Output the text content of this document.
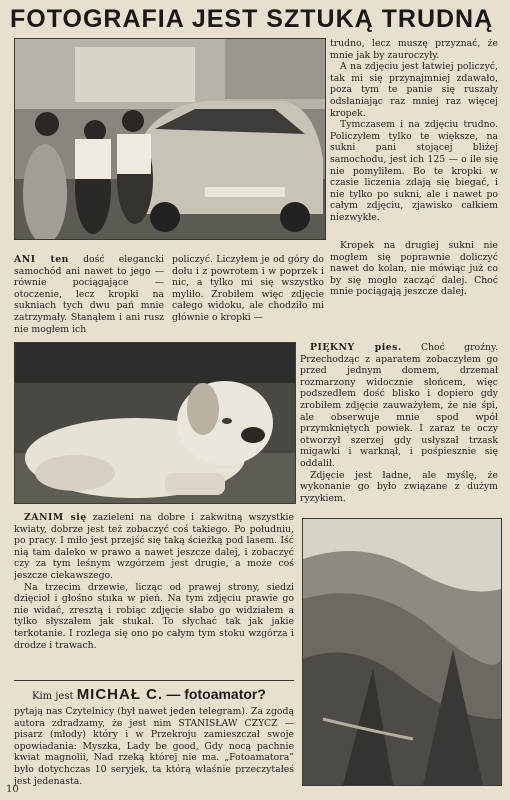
FOTOGRAFIA JEST SZTUKĄ TRUDNĄ

trudno, lecz muszę przyznać, że mnie jak by zauroczyły.

A na zdjęciu jest łatwiej policzyć, tak mi się przynajmniej zdawało, poza tym te panie się ruszały odsłaniając raz mniej raz więcej kropek.

Tymczasem i na zdjęciu trudno. Policzyłem tylko te większe, na sukni pani stojącej bliżej samochodu, jest ich 125 — o ile się nie pomyliłem. Bo te kropki w czasie liczenia zdają się biegać, i nie tylko po sukni, ale i nawet po całym zdjęciu, zjawisko całkiem niezwykłe.

ANI ten dość elegancki samochód ani nawet to jego — równie pociągające — otoczenie, lecz kropki na sukniach tych dwu pań mnie zatrzymały. Stanąłem i ani rusz nie mogłem ich

policzyć. Liczyłem je od góry do dołu i z powrotem i w poprzek i nic, a tylko mi się wszystko myliło. Zrobiłem więc zdjęcie całego widoku, ale chodziło mi głównie o kropki —

Kropek na drugiej sukni nie mogłem się poprawnie doliczyć nawet do kolan, nie mówiąc już co by się mogło zacząć dalej. Choć mnie pociągają jeszcze dalej.

PIĘKNY pies. Choć groźny. Przechodząc z aparatem zobaczyłem go przed jednym domem, drzemał rozmarzony widocznie słońcem, więc podszedłem dość blisko i dopiero gdy zrobiłem zdjęcie zauważyłem, że nie śpi, ale obserwuje mnie spod wpół przymkniętych powiek. I zaraz te oczy otworzył szerzej gdy usłyszał trzask migawki i warknął, i pośpiesznie się oddalił.

Zdjęcie jest ładne, ale myślę, że wykonanie go było związane z dużym ryzykiem.

ZANIM się zazieleni na dobre i zakwitną wszystkie kwiaty, dobrze jest też zobaczyć coś takiego. Po południu, po pracy. I miło jest przejść się taką ścieżką pod lasem. Iść nią tam daleko w prawo a nawet jeszcze dalej, i zobaczyć czy za tym leśnym wzgórzem jest drugie, a może coś jeszcze ciekawszego.

Na trzecim drzewie, licząc od prawej strony, siedzi dzięcioł i głośno stuka w pień. Na tym zdjęciu prawie go nie widać, zresztą i robiąc zdjęcie słabo go widziałem a tylko słyszałem jak stukał. To słychać tak jak jakie terkotanie. I rozlega się ono po całym tym stoku wzgórza i drodze i trawach.

Kim jest MICHAŁ C. — fotoamator?

pytają nas Czytelnicy (był nawet jeden telegram). Za zgodą autora zdradzamy, że jest nim STANISŁAW CZYCZ — pisarz (młody) który i w Przekroju zamieszczał swoje opowiadania: Myszka, Lady be good, Gdy nocą pachnie kwiat magnolii, Nad rzeką której nie ma. „Fotoamatora” było dotychczas 10 seryjek, ta którą właśnie przeczytałeś jest jedenasta.

10
